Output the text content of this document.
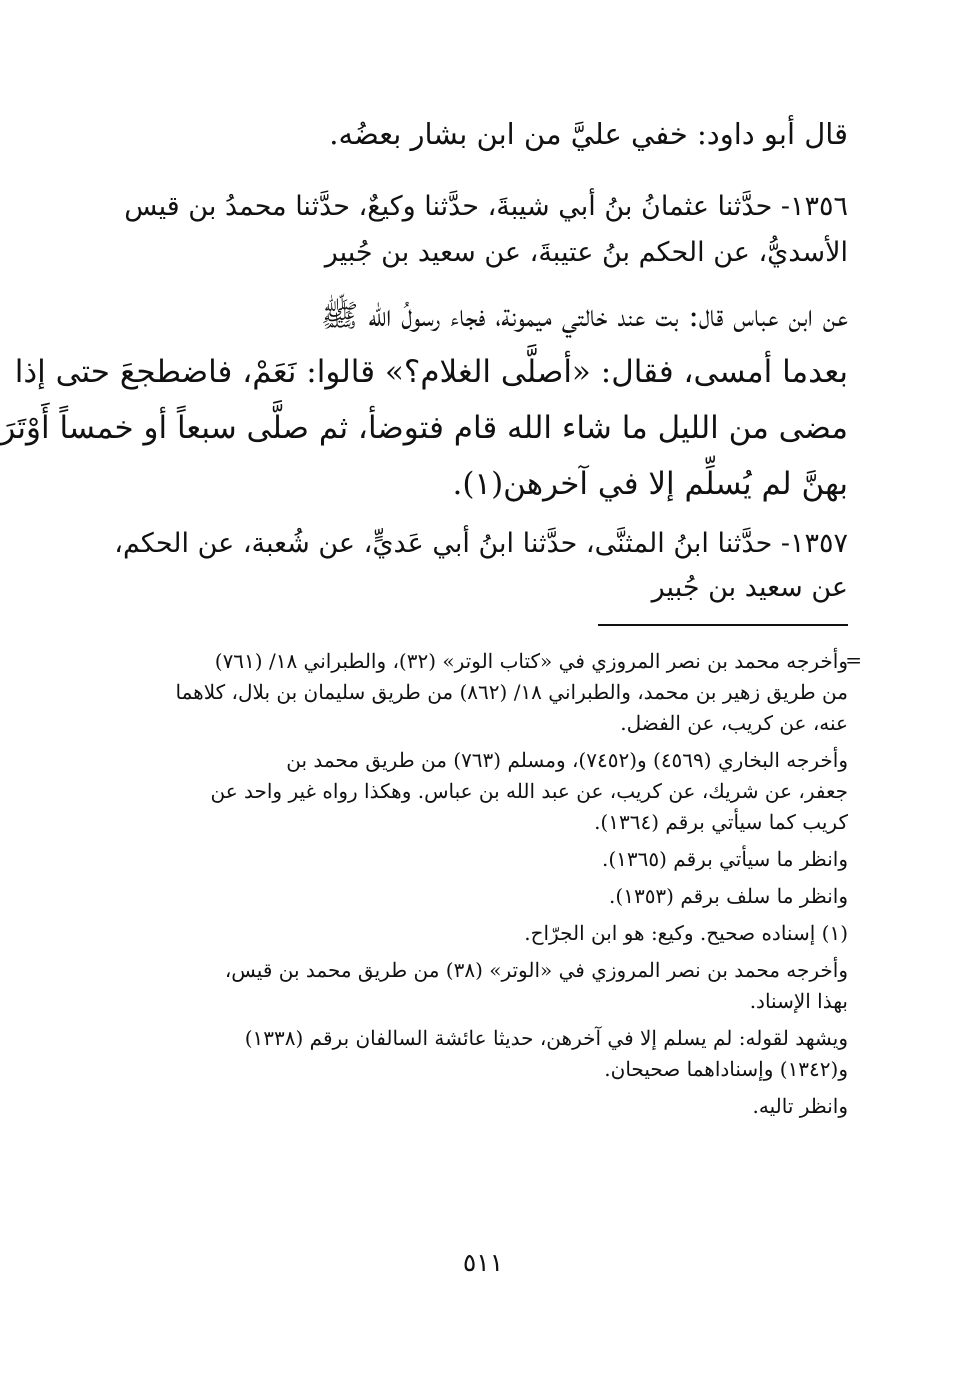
قال أبو داود: خفي عليَّ من ابن بشار بعضُه.
١٣٥٦- حدَّثنا عثمانُ بنُ أبي شيبةَ، حدَّثنا وكيعٌ، حدَّثنا محمدُ بن قيس
الأسديُّ، عن الحكم بنُ عتيبةَ، عن سعيد بن جُبير
عن ابن عباس قال: بت عند خالتي ميمونة، فجاء رسولُ الله ﷺ
بعدما أمسى، فقال: «أصلَّى الغلام؟» قالوا: نَعَمْ، فاضطجعَ حتى إذا
مضى من الليل ما شاء الله قام فتوضأ، ثم صلَّى سبعاً أو خمساً أَوْتَرَ
بهنَّ لم يُسلِّم إلا في آخرهن(١).
١٣٥٧- حدَّثنا ابنُ المثنَّى، حدَّثنا ابنُ أبي عَديٍّ، عن شُعبة، عن الحكم،
عن سعيد بن جُبير
=

وأخرجه محمد بن نصر المروزي في «كتاب الوتر» (٣٢)، والطبراني ١٨/ (٧٦١)
من طريق زهير بن محمد، والطبراني ١٨/ (٨٦٢) من طريق سليمان بن بلال، كلاهما
عنه، عن كريب، عن الفضل.

وأخرجه البخاري (٤٥٦٩) و(٧٤٥٢)، ومسلم (٧٦٣) من طريق محمد بن
جعفر، عن شريك، عن كريب، عن عبد الله بن عباس. وهكذا رواه غير واحد عن
كريب كما سيأتي برقم (١٣٦٤).

وانظر ما سيأتي برقم (١٣٦٥).

وانظر ما سلف برقم (١٣٥٣).

(١) إسناده صحيح. وكيع: هو ابن الجرّاح.

وأخرجه محمد بن نصر المروزي في «الوتر» (٣٨) من طريق محمد بن قيس،
بهذا الإسناد.

ويشهد لقوله: لم يسلم إلا في آخرهن، حديثا عائشة السالفان برقم (١٣٣٨)
و(١٣٤٢) وإسناداهما صحيحان.

وانظر تاليه.

٥١١
